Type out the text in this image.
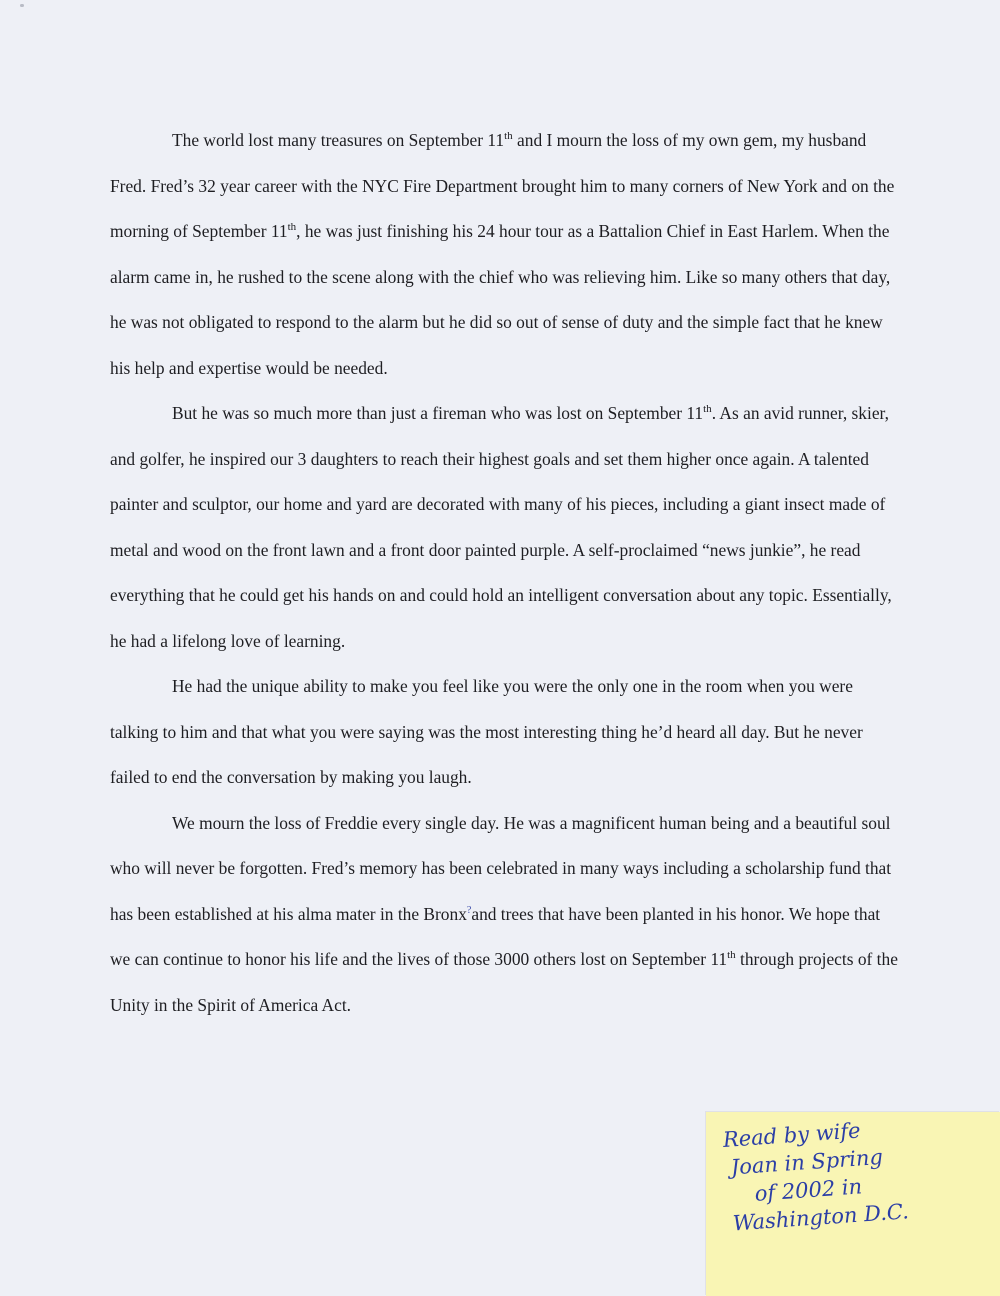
The world lost many treasures on September 11th and I mourn the loss of my own gem, my husband Fred. Fred’s 32 year career with the NYC Fire Department brought him to many corners of New York and on the morning of September 11th, he was just finishing his 24 hour tour as a Battalion Chief in East Harlem. When the alarm came in, he rushed to the scene along with the chief who was relieving him. Like so many others that day, he was not obligated to respond to the alarm but he did so out of sense of duty and the simple fact that he knew his help and expertise would be needed.

But he was so much more than just a fireman who was lost on September 11th. As an avid runner, skier, and golfer, he inspired our 3 daughters to reach their highest goals and set them higher once again. A talented painter and sculptor, our home and yard are decorated with many of his pieces, including a giant insect made of metal and wood on the front lawn and a front door painted purple. A self-proclaimed “news junkie”, he read everything that he could get his hands on and could hold an intelligent conversation about any topic. Essentially, he had a lifelong love of learning.

He had the unique ability to make you feel like you were the only one in the room when you were talking to him and that what you were saying was the most interesting thing he’d heard all day. But he never failed to end the conversation by making you laugh.

We mourn the loss of Freddie every single day. He was a magnificent human being and a beautiful soul who will never be forgotten. Fred’s memory has been celebrated in many ways including a scholarship fund that has been established at his alma mater in the Bronx?and trees that have been planted in his honor. We hope that we can continue to honor his life and the lives of those 3000 others lost on September 11th through projects of the Unity in the Spirit of America Act.

Read by wife
Joan in Spring
of 2002 in
Washington D.C.
